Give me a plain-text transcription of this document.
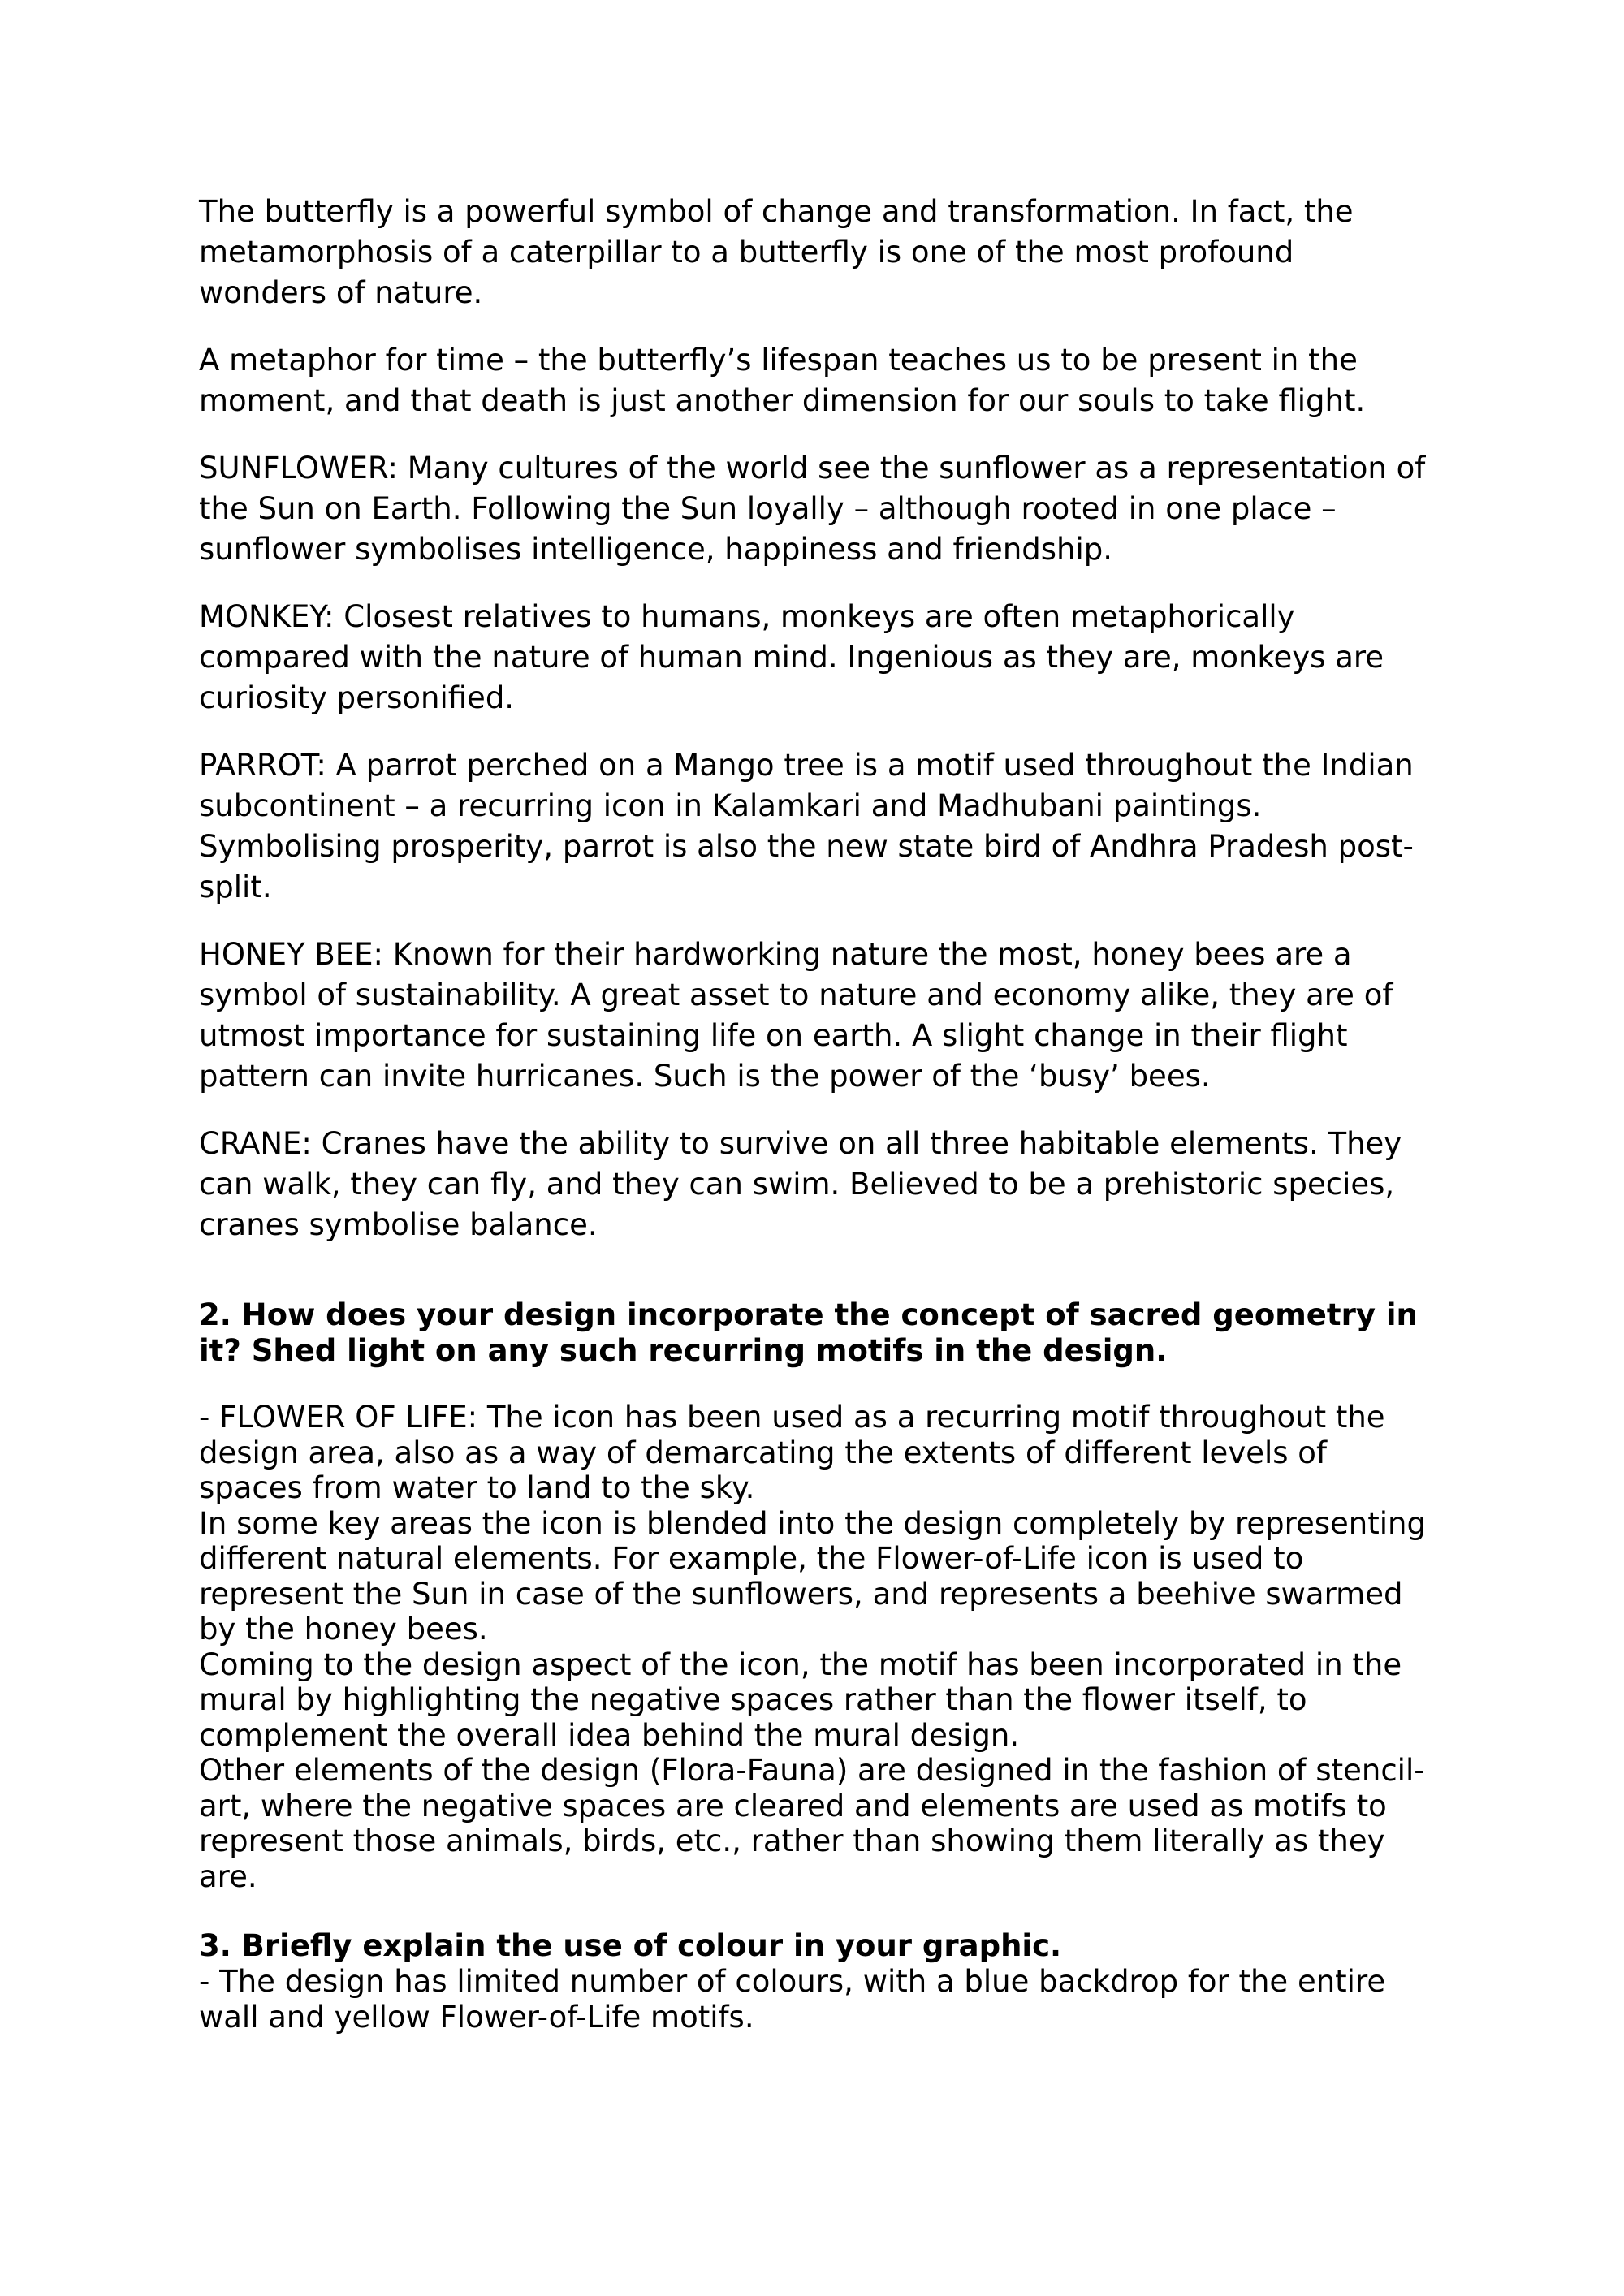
The butterfly is a powerful symbol of change and transformation. In fact, the
metamorphosis of a caterpillar to a butterfly is one of the most profound
wonders of nature.

A metaphor for time – the butterfly’s lifespan teaches us to be present in the
moment, and that death is just another dimension for our souls to take flight.

SUNFLOWER: Many cultures of the world see the sunflower as a representation of
the Sun on Earth. Following the Sun loyally – although rooted in one place –
sunflower symbolises intelligence, happiness and friendship.

MONKEY: Closest relatives to humans, monkeys are often metaphorically
compared with the nature of human mind. Ingenious as they are, monkeys are
curiosity personified.

PARROT: A parrot perched on a Mango tree is a motif used throughout the Indian
subcontinent – a recurring icon in Kalamkari and Madhubani paintings.
Symbolising prosperity, parrot is also the new state bird of Andhra Pradesh post-
split.

HONEY BEE: Known for their hardworking nature the most, honey bees are a
symbol of sustainability. A great asset to nature and economy alike, they are of
utmost importance for sustaining life on earth. A slight change in their flight
pattern can invite hurricanes. Such is the power of the ‘busy’ bees.

CRANE: Cranes have the ability to survive on all three habitable elements. They
can walk, they can fly, and they can swim. Believed to be a prehistoric species,
cranes symbolise balance.

2. How does your design incorporate the concept of sacred geometry in
it? Shed light on any such recurring motifs in the design.

- FLOWER OF LIFE: The icon has been used as a recurring motif throughout the
design area, also as a way of demarcating the extents of different levels of
spaces from water to land to the sky.
In some key areas the icon is blended into the design completely by representing
different natural elements. For example, the Flower-of-Life icon is used to
represent the Sun in case of the sunflowers, and represents a beehive swarmed
by the honey bees.
Coming to the design aspect of the icon, the motif has been incorporated in the
mural by highlighting the negative spaces rather than the flower itself, to
complement the overall idea behind the mural design.
Other elements of the design (Flora-Fauna) are designed in the fashion of stencil-
art, where the negative spaces are cleared and elements are used as motifs to
represent those animals, birds, etc., rather than showing them literally as they
are.

3. Briefly explain the use of colour in your graphic.

- The design has limited number of colours, with a blue backdrop for the entire
wall and yellow Flower-of-Life motifs.
